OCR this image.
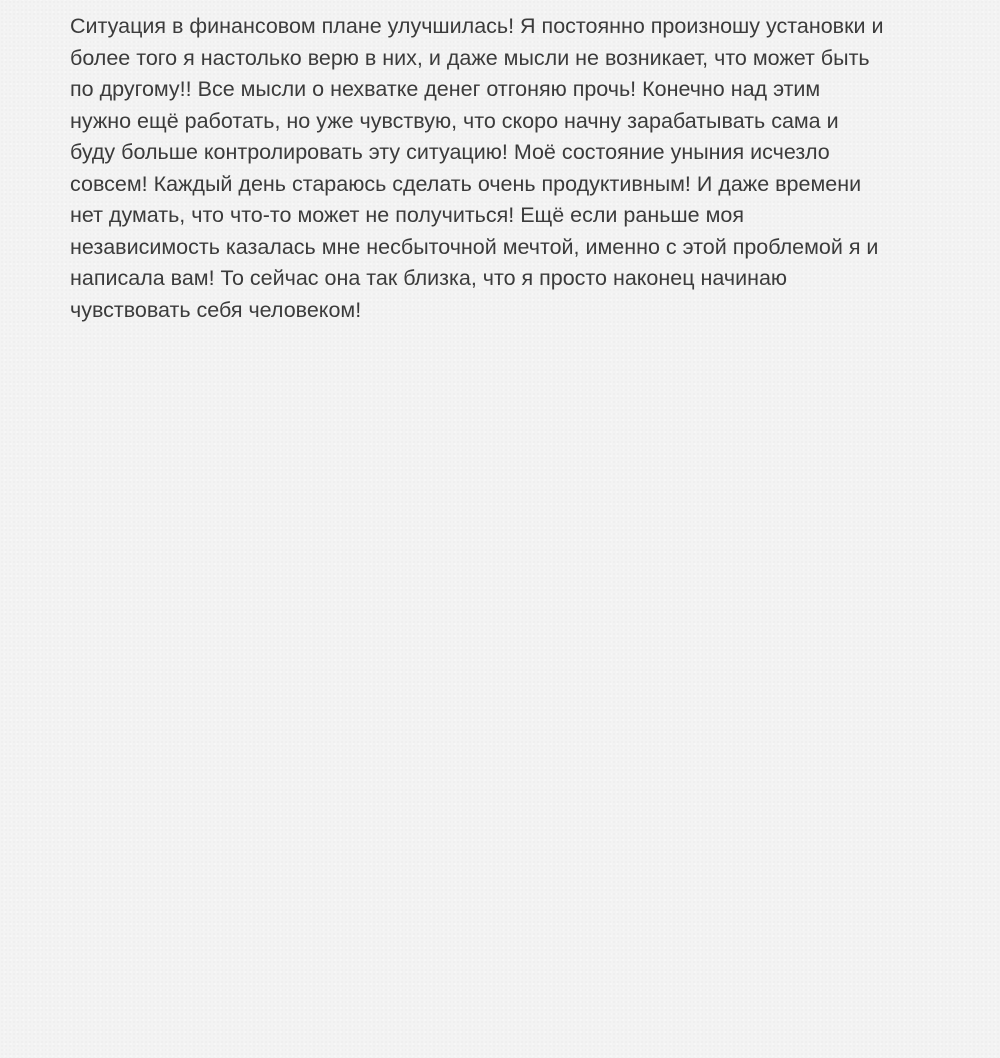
Ситуация в финансовом плане улучшилась! Я постоянно произношу установки и
более того я настолько верю в них, и даже мысли не возникает, что может быть
по другому!! Все мысли о нехватке денег отгоняю прочь! Конечно над этим
нужно ещё работать, но уже чувствую, что скоро начну зарабатывать сама и
буду больше контролировать эту ситуацию! Моё состояние уныния исчезло
совсем! Каждый день стараюсь сделать очень продуктивным! И даже времени
нет думать, что что-то может не получиться! Ещё если раньше моя
независимость казалась мне несбыточной мечтой, именно с этой проблемой я и
написала вам! То сейчас она так близка, что я просто наконец начинаю
чувствовать себя человеком!
